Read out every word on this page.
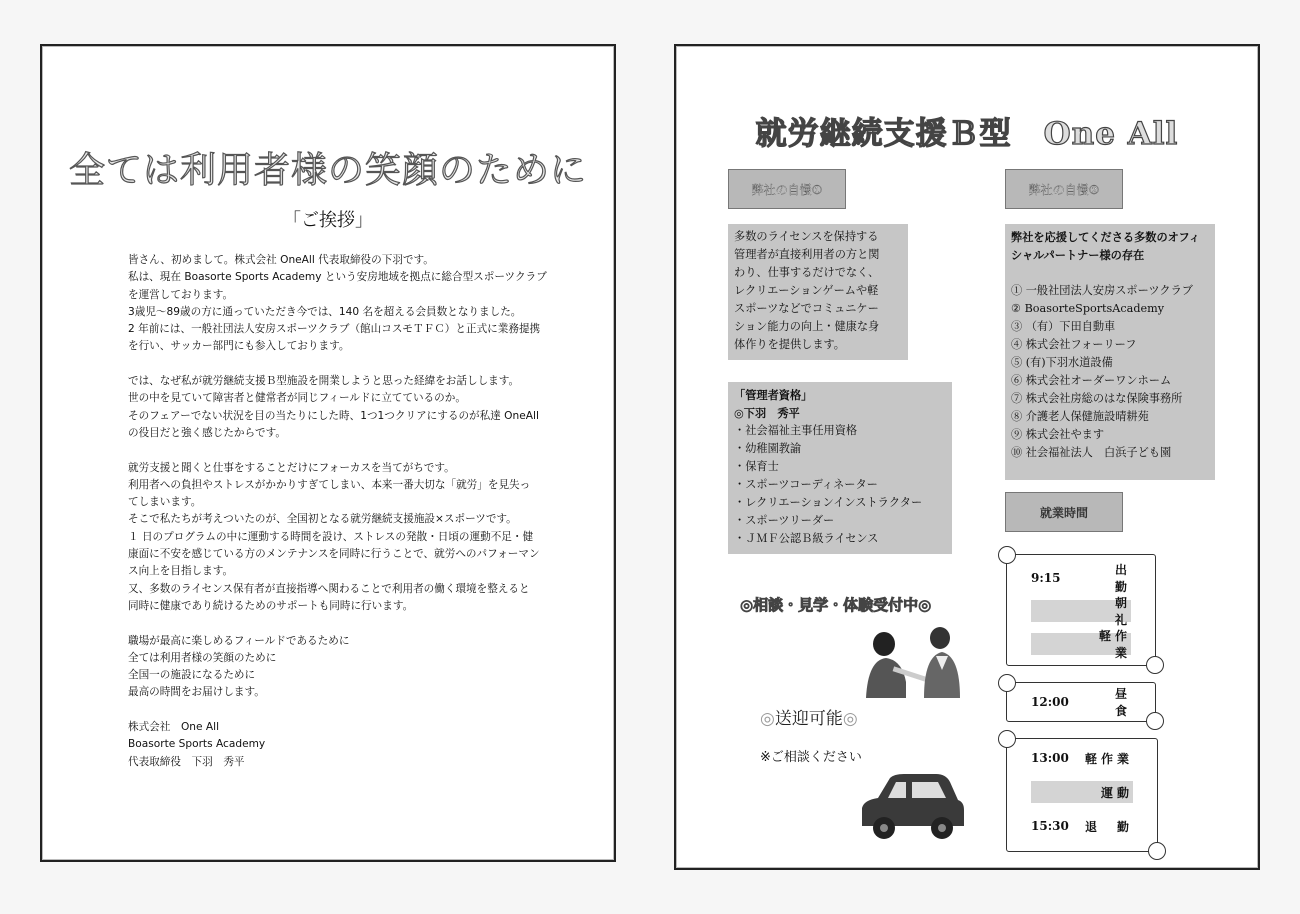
全ては利用者様の笑顔のために
「ご挨拶」

皆さん、初めまして。株式会社 OneAll 代表取締役の下羽です。

私は、現在 Boasorte Sports Academy という安房地域を拠点に総合型スポーツクラブ

を運営しております。

3歳児～89歳の方に通っていただき今では、140 名を超える会員数となりました。

2 年前には、一般社団法人安房スポーツクラブ（館山コスモＴＦＣ）と正式に業務提携

を行い、サッカー部門にも参入しております。

では、なぜ私が就労継続支援Ｂ型施設を開業しようと思った経緯をお話しします。

世の中を見ていて障害者と健常者が同じフィールドに立てているのか。

そのフェアーでない状況を目の当たりにした時、1つ1つクリアにするのが私達 OneAll

の役目だと強く感じたからです。

就労支援と聞くと仕事をすることだけにフォーカスを当てがちです。

利用者への負担やストレスがかかりすぎてしまい、本来一番大切な「就労」を見失っ

てしまいます。

そこで私たちが考えついたのが、全国初となる就労継続支援施設×スポーツです。

１ 日のプログラムの中に運動する時間を設け、ストレスの発散・日頃の運動不足・健

康面に不安を感じている方のメンテナンスを同時に行うことで、就労へのパフォーマン

ス向上を目指します。

又、多数のライセンス保有者が直接指導へ関わることで利用者の働く環境を整えると

同時に健康であり続けるためのサポートも同時に行います。

職場が最高に楽しめるフィールドであるために

全ては利用者様の笑顔のために

全国一の施設になるために

最高の時間をお届けします。

株式会社　One All

Boasorte Sports Academy

代表取締役　下羽　秀平

就労継続支援Ｂ型　One All
弊社の自慢①

多数のライセンスを保持する

管理者が直接利用者の方と関

わり、仕事するだけでなく、

レクリエーションゲームや軽

スポーツなどでコミュニケー

ション能力の向上・健康な身

体作りを提供します。

「管理者資格」

◎下羽　秀平

・社会福祉主事任用資格

・幼稚園教諭

・保育士

・スポーツコーディネーター

・レクリエーションインストラクター

・スポーツリーダー

・ＪＭＦ公認Ｂ級ライセンス

弊社の自慢②

弊社を応援してくださる多数のオフィ

シャルパートナー様の存在

① 一般社団法人安房スポーツクラブ

② BoasorteSportsAcademy

③ （有）下田自動車

④ 株式会社フォーリーフ

⑤ (有)下羽水道設備

⑥ 株式会社オーダーワンホーム

⑦ 株式会社房総のはな保険事務所

⑧ 介護老人保健施設晴耕苑

⑨ 株式会社やます

⑩ 社会福祉法人　白浜子ども園

就業時間
9:15
出　勤
朝　礼
軽作業
12:00
昼　食
13:00	軽作業
運動
15:30	退　勤
◎相談・見学・体験受付中◎
◎送迎可能◎
※ご相談ください
